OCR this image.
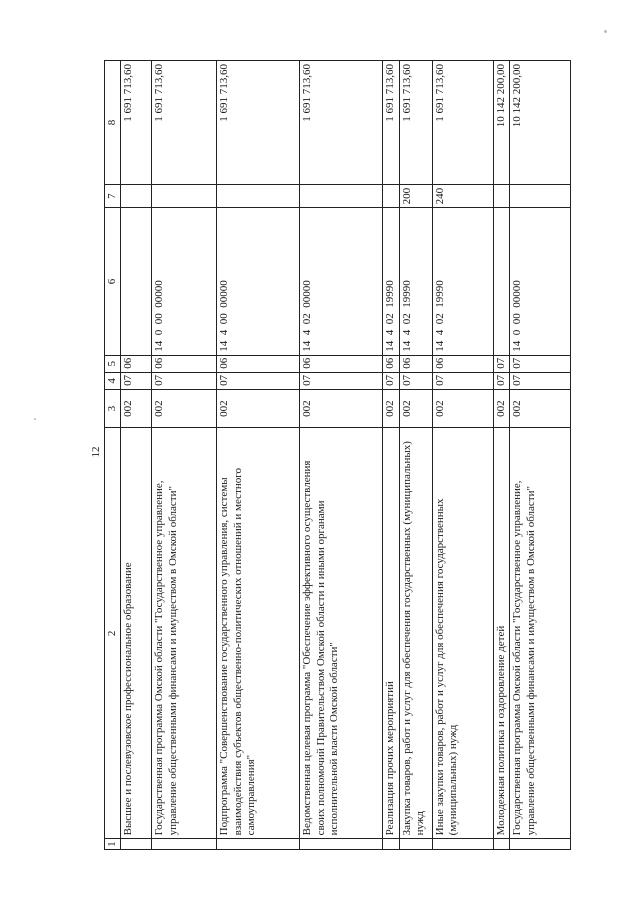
12
1	2	3	4	5	6	7	8
	Высшее и послевузовское профессиональное образование	002	07	06			1 691 713,60
	Государственная программа Омской области "Государственное управление, управление общественными финансами и имуществом в Омской области"	002	07	06	14  0  00  00000		1 691 713,60
	Подпрограмма "Совершенствование государственного управления, системы взаимодействия субъектов общественно-политических отношений и местного самоуправления"	002	07	06	14  4  00  00000		1 691 713,60
	Ведомственная целевая программа "Обеспечение эффективного осуществления своих полномочий Правительством Омской области и иными органами исполнительной власти Омской области"	002	07	06	14  4  02  00000		1 691 713,60
	Реализация прочих мероприятий	002	07	06	14  4  02  19990		1 691 713,60
	Закупка товаров, работ и услуг для обеспечения государственных (муниципальных) нужд	002	07	06	14  4  02  19990	200	1 691 713,60
	Иные закупки товаров, работ и услуг для обеспечения государственных (муниципальных) нужд	002	07	06	14  4  02  19990	240	1 691 713,60
	Молодежная политика и оздоровление детей	002	07	07			10 142 200,00
	Государственная программа Омской области "Государственное управление, управление общественными финансами и имуществом в Омской области"	002	07	07	14  0  00  00000		10 142 200,00
